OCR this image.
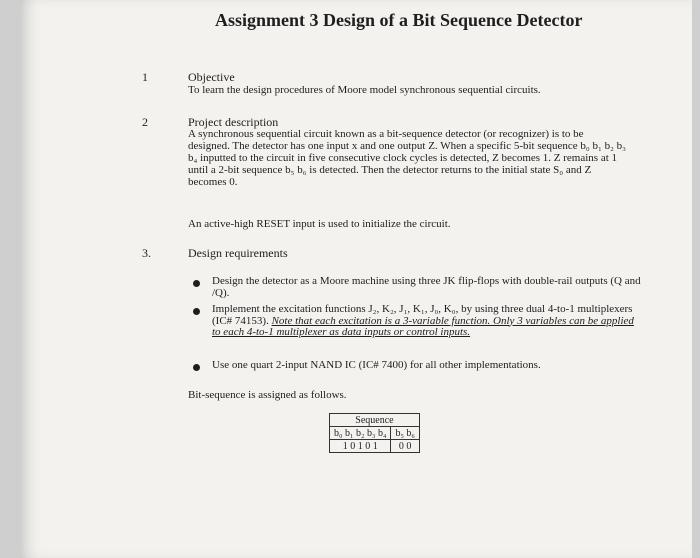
Assignment 3 Design of a Bit Sequence Detector
1	Objective
To learn the design procedures of Moore model synchronous sequential circuits.
2	Project description
A synchronous sequential circuit known as a bit-sequence detector (or recognizer) is to be designed. The detector has one input x and one output Z. When a specific 5-bit sequence b₀ b₁ b₂ b₃ b₄ inputted to the circuit in five consecutive clock cycles is detected, Z becomes 1. Z remains at 1 until a 2-bit sequence b₅ b₆ is detected. Then the detector returns to the initial state S₀ and Z becomes 0.
An active-high RESET input is used to initialize the circuit.
3.	Design requirements
Design the detector as a Moore machine using three JK flip-flops with double-rail outputs (Q and /Q).
Implement the excitation functions J₂, K₂, J₁, K₁, J₀, K₀, by using three dual 4-to-1 multiplexers (IC# 74153). Note that each excitation is a 3-variable function. Only 3 variables can be applied to each 4-to-1 multiplexer as data inputs or control inputs.
Use one quart 2-input NAND IC (IC# 7400) for all other implementations.
Bit-sequence is assigned as follows.
Sequence	
b₀ b₁ b₂ b₃ b₄	b₅ b₆
1 0 1 0 1	0 0
